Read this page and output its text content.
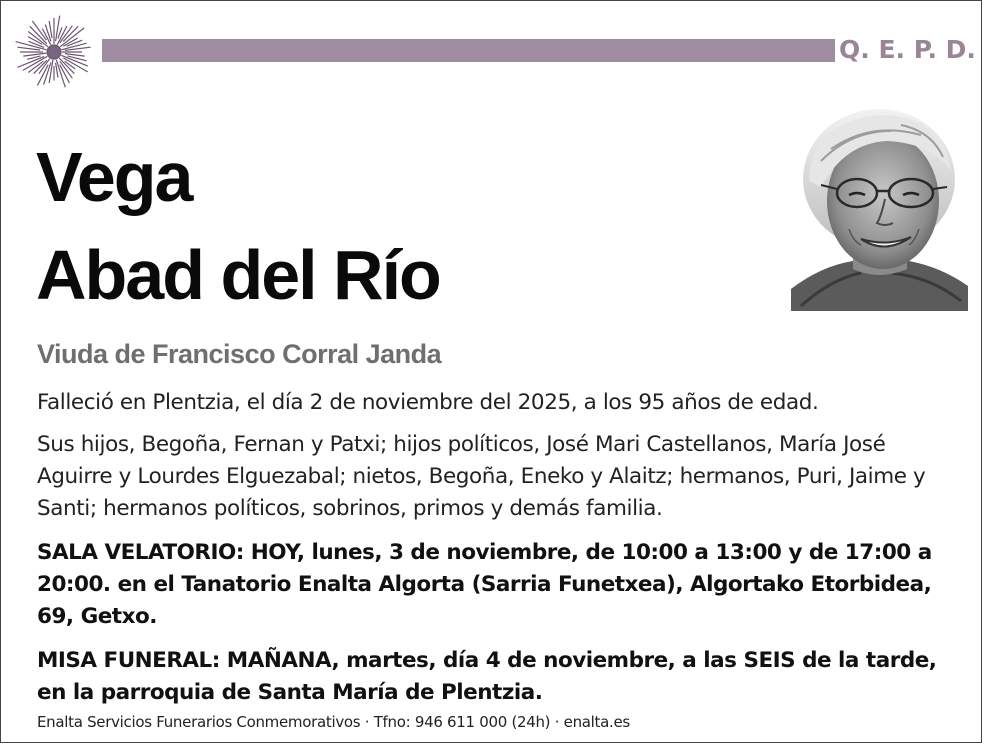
Q. E. P. D.
Vega
Abad del Río
Viuda de Francisco Corral Janda
Falleció en Plentzia, el día 2 de noviembre del 2025, a los 95 años de edad.
Sus hijos, Begoña, Fernan y Patxi; hijos políticos, José Mari Castellanos, María José Aguirre y Lourdes Elguezabal; nietos, Begoña, Eneko y Alaitz; hermanos, Puri, Jaime y Santi; hermanos políticos, sobrinos, primos y demás familia.
SALA VELATORIO: HOY, lunes, 3 de noviembre, de 10:00 a 13:00 y de 17:00 a 20:00. en el Tanatorio Enalta Algorta (Sarria Funetxea), Algortako Etorbidea, 69, Getxo.
MISA FUNERAL: MAÑANA, martes, día 4 de noviembre, a las SEIS de la tarde, en la parroquia de Santa María de Plentzia.
Enalta Servicios Funerarios Conmemorativos · Tfno: 946 611 000 (24h) · enalta.es
